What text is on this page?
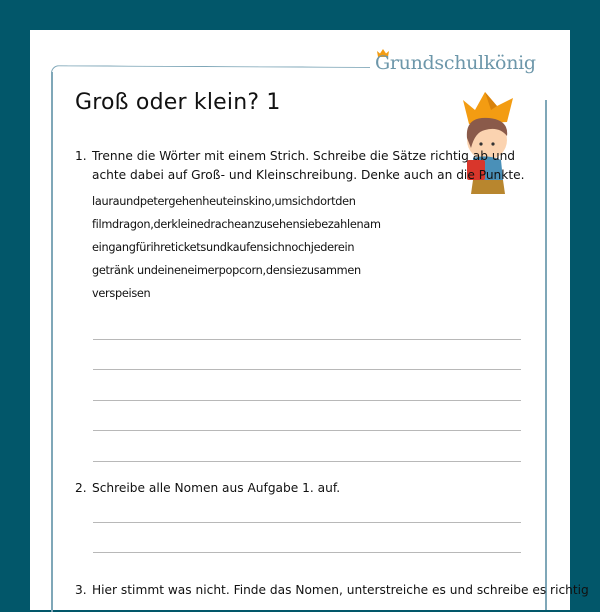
Grundschulkönig
Groß oder klein? 1
1. Trenne die Wörter mit einem Strich. Schreibe die Sätze richtig ab und
achte dabei auf Groß- und Kleinschreibung. Denke auch an die Punkte.
lauraundpetergehenheuteinskino,umsichdortden
filmdragon,derkleinedracheanzusehensiebezahlenam
eingangfürihreticketsundkaufensichnochjederein
getränk undeineneimerpopcorn,densiezusammen
verspeisen
2. Schreibe alle Nomen aus Aufgabe 1. auf.
3. Hier stimmt was nicht. Finde das Nomen, unterstreiche es und schreibe es richtig
